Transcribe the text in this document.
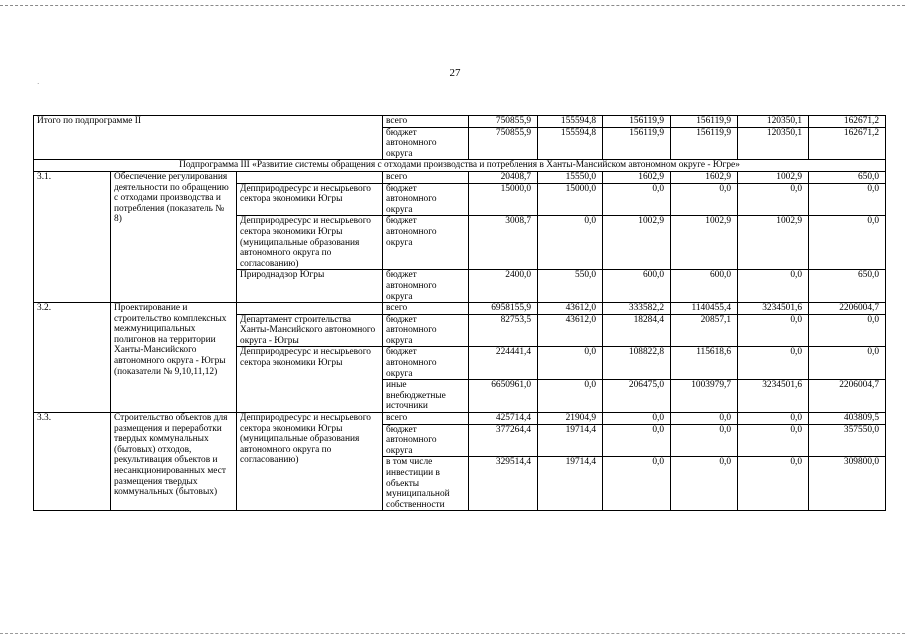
27
·
Итого по подпрограмме II			всего	750855,9	155594,8	156119,9	156119,9	120350,1	162671,2
			бюджет автономного округа	750855,9	155594,8	156119,9	156119,9	120350,1	162671,2
Подпрограмма III «Развитие системы обращения с отходами производства и потребления в Ханты-Мансийском автономном округе - Югре»									
3.1.	Обеспечение регулирования деятельности по обращению с отходами производства и потребления (показатель № 8)		всего	20408,7	15550,0	1602,9	1602,9	1002,9	650,0
		Депприродресурс и несырьевого сектора экономики Югры	бюджет автономного округа	15000,0	15000,0	0,0	0,0	0,0	0,0
		Депприродресурс и несырьевого сектора экономики Югры (муниципальные образования автономного округа по согласованию)	бюджет автономного округа	3008,7	0,0	1002,9	1002,9	1002,9	0,0
		Природнадзор Югры	бюджет автономного округа	2400,0	550,0	600,0	600,0	0,0	650,0
3.2.	Проектирование и строительство комплексных межмуниципальных полигонов на территории Ханты-Мансийского автономного округа - Югры (показатели № 9,10,11,12)		всего	6958155,9	43612,0	333582,2	1140455,4	3234501,6	2206004,7
		Департамент строительства Ханты-Мансийского автономного округа - Югры	бюджет автономного округа	82753,5	43612,0	18284,4	20857,1	0,0	0,0
		Депприродресурс и несырьевого сектора экономики Югры	бюджет автономного округа	224441,4	0,0	108822,8	115618,6	0,0	0,0
			иные внебюджетные источники	6650961,0	0,0	206475,0	1003979,7	3234501,6	2206004,7
3.3.	Строительство объектов для размещения и переработки твердых коммунальных (бытовых) отходов, рекультивация объектов и несанкционированных мест размещения твердых коммунальных (бытовых)	Депприродресурс и несырьевого сектора экономики Югры (муниципальные образования автономного округа по согласованию)	всего	425714,4	21904,9	0,0	0,0	0,0	403809,5
			бюджет автономного округа	377264,4	19714,4	0,0	0,0	0,0	357550,0
			в том числе инвестиции в объекты муниципальной собственности	329514,4	19714,4	0,0	0,0	0,0	309800,0
